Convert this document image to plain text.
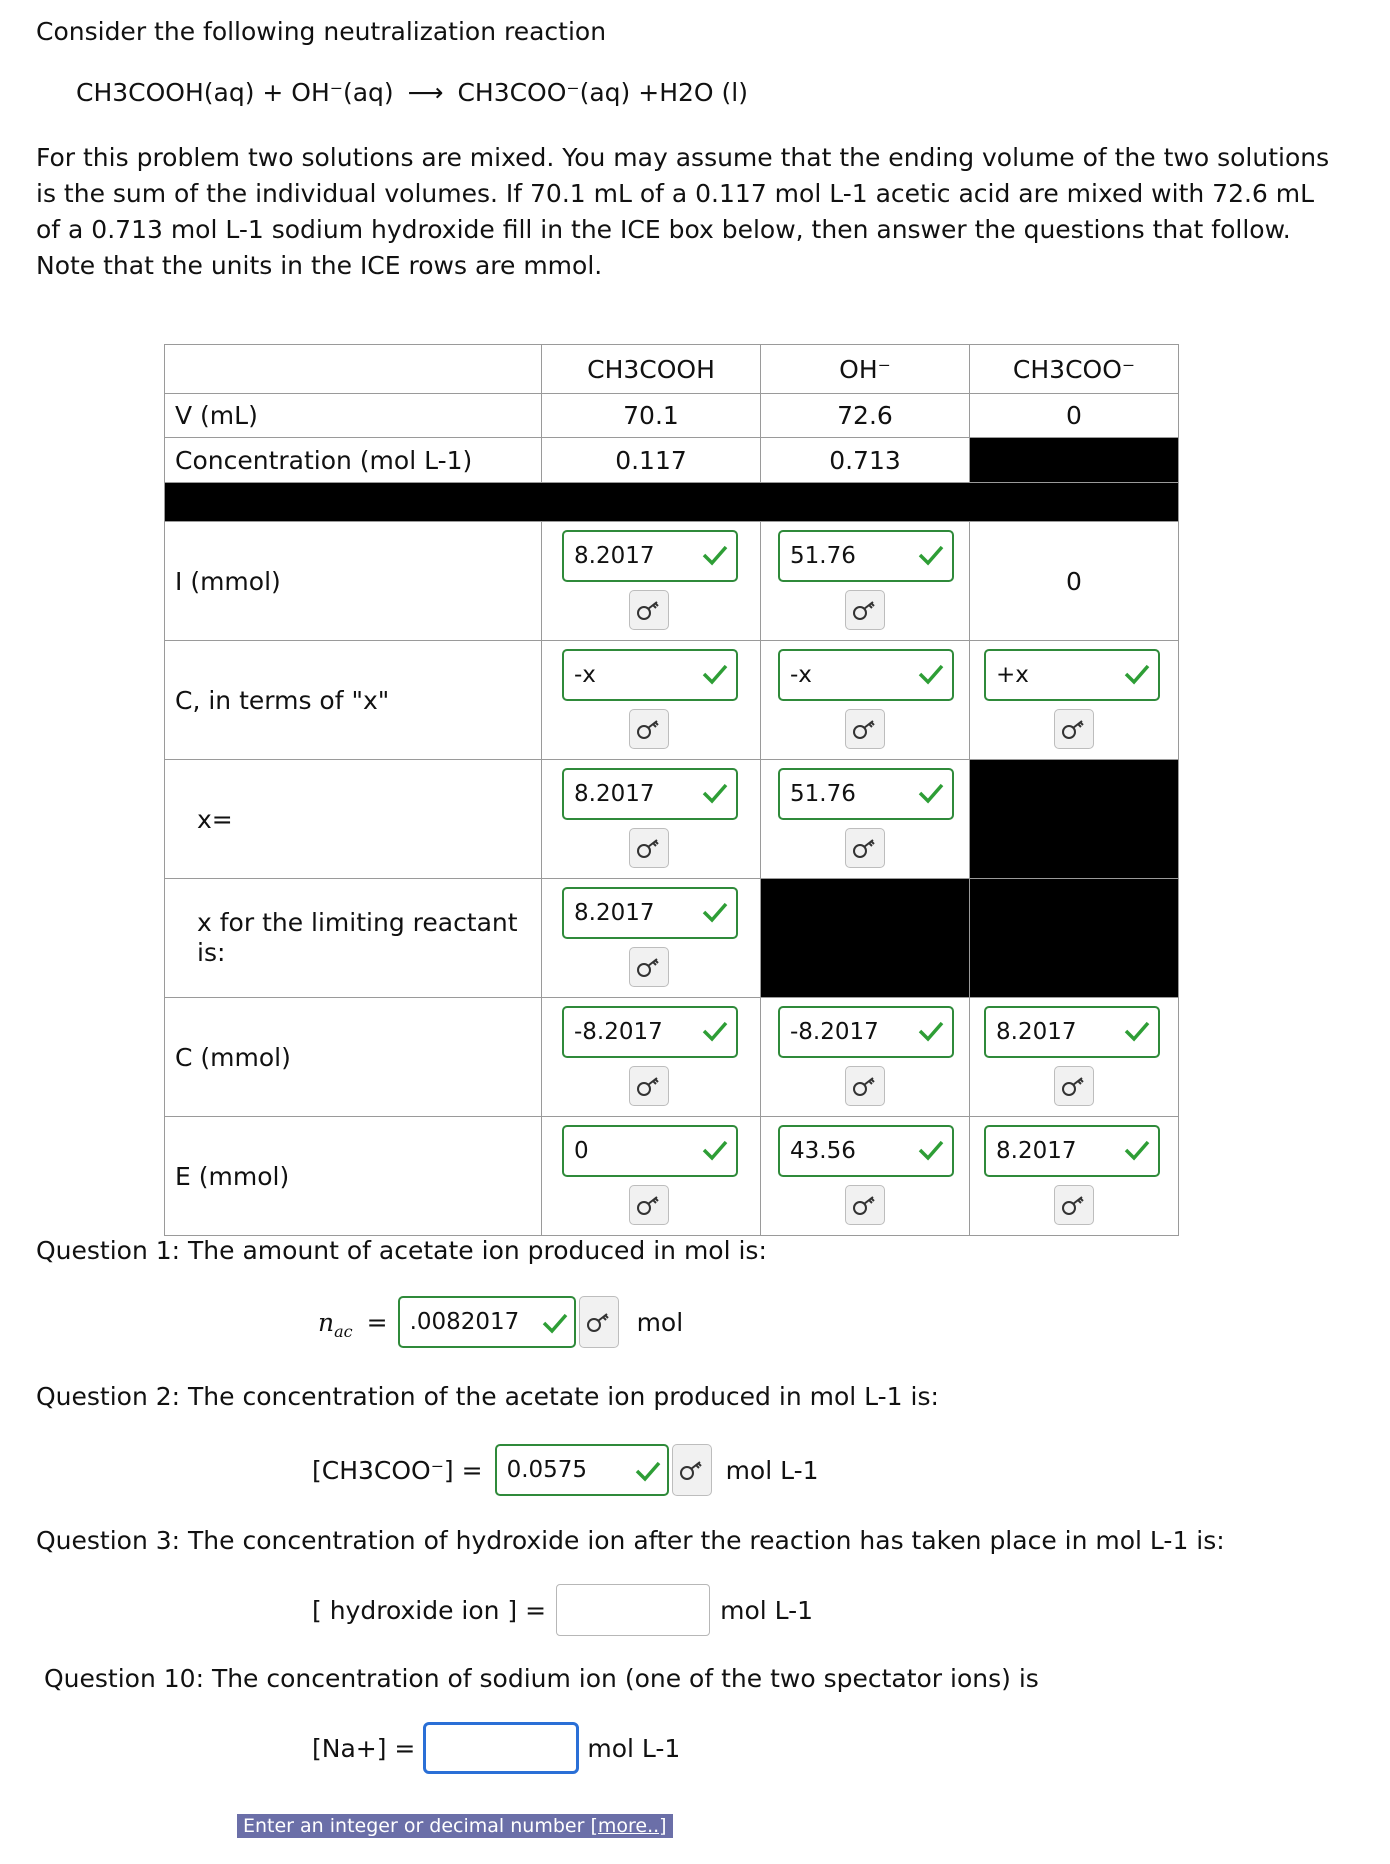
Consider the following neutralization reaction

CH3COOH(aq) + OH⁻(aq) ⟶ CH3COO⁻(aq) +H2O (l)

For this problem two solutions are mixed. You may assume that the ending volume of the two solutions is the sum of the individual volumes. If 70.1 mL of a 0.117 mol L-1 acetic acid are mixed with 72.6 mL of a 0.713 mol L-1 sodium hydroxide fill in the ICE box below, then answer the questions that follow. Note that the units in the ICE rows are mmol.

	CH3COOH	OH⁻	CH3COO⁻
V (mL)	70.1	72.6	0
Concentration (mol L-1)	0.117	0.713	

I (mmol)	8.2017	51.76	0
C, in terms of "x"	-x	-x	+x

x=	8.2017	51.76	

x for the limiting reactant is:	8.2017		

C (mmol)	-8.2017	-8.2017	8.2017

E (mmol)	0	43.56	8.2017
Question 1: The amount of acetate ion produced in mol is:
$n_{ac} = .0082017$	mol
Question 2: The concentration of the acetate ion produced in mol L-1 is:
[CH3COO⁻] = 0.0575	mol L-1
Question 3: The concentration of hydroxide ion after the reaction has taken place in mol L-1 is:
[ hydroxide ion ] =	mol L-1
Question 10: The concentration of sodium ion (one of the two spectator ions) is
[Na+] =	mol L-1
Enter an integer or decimal number [more..]
